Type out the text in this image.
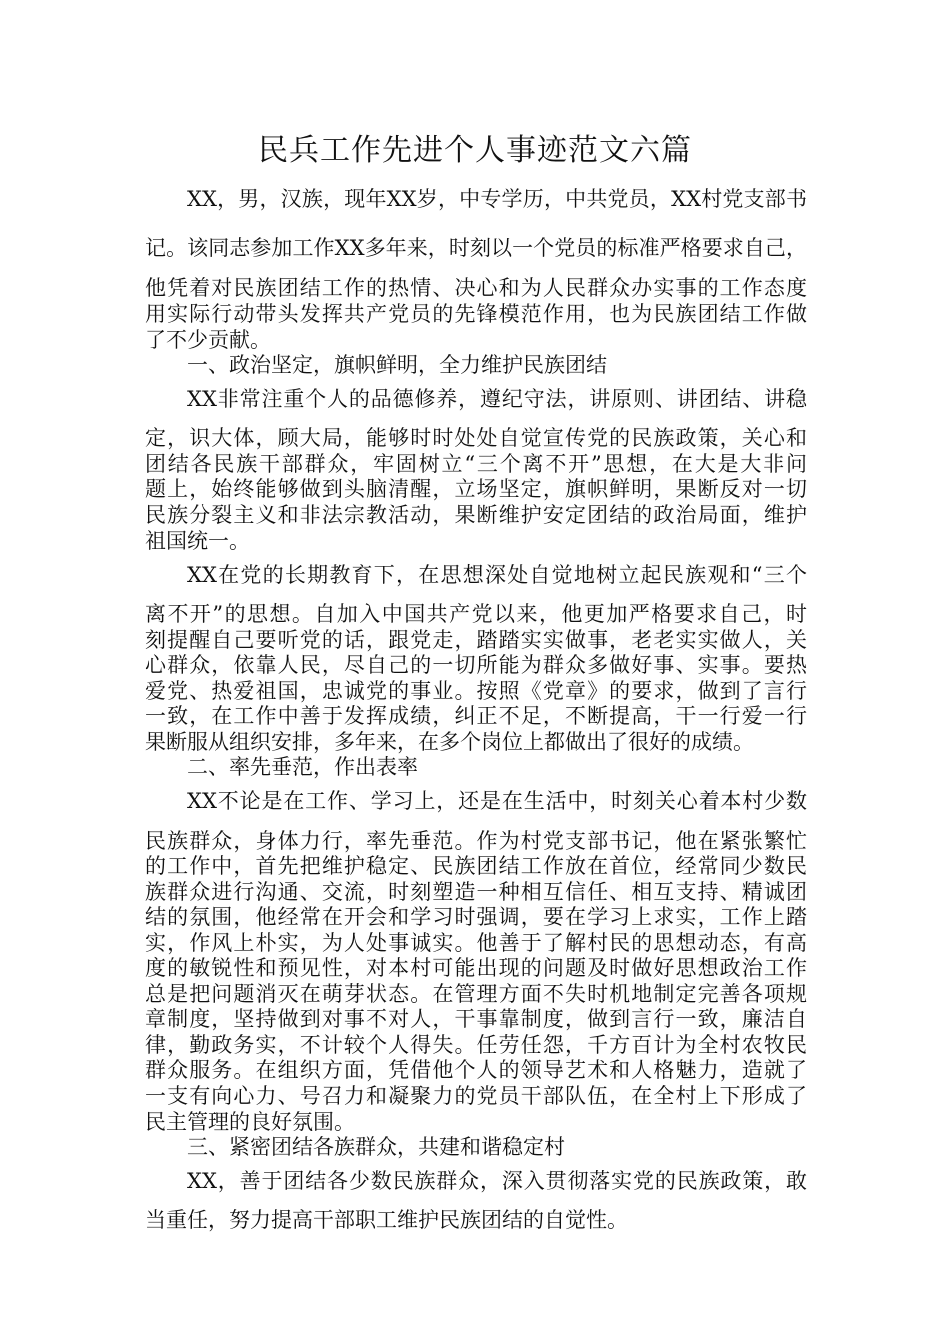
民兵工作先进个人事迹范文六篇
XX，男，汉族，现年XX岁，中专学历，中共党员，XX村党支部书
记。该同志参加工作XX多年来，时刻以一个党员的标准严格要求自己，
他凭着对民族团结工作的热情、决心和为人民群众办实事的工作态度
用实际行动带头发挥共产党员的先锋模范作用，也为民族团结工作做
了不少贡献。
一、政治坚定，旗帜鲜明，全力维护民族团结
XX非常注重个人的品德修养，遵纪守法，讲原则、讲团结、讲稳
定，识大体，顾大局，能够时时处处自觉宣传党的民族政策，关心和
团结各民族干部群众，牢固树立“三个离不开”思想，在大是大非问
题上，始终能够做到头脑清醒，立场坚定，旗帜鲜明，果断反对一切
民族分裂主义和非法宗教活动，果断维护安定团结的政治局面，维护
祖国统一。
XX在党的长期教育下，在思想深处自觉地树立起民族观和“三个
离不开”的思想。自加入中国共产党以来，他更加严格要求自己，时
刻提醒自己要听党的话，跟党走，踏踏实实做事，老老实实做人，关
心群众，依靠人民，尽自己的一切所能为群众多做好事、实事。要热
爱党、热爱祖国，忠诚党的事业。按照《党章》的要求，做到了言行
一致，在工作中善于发挥成绩，纠正不足，不断提高，干一行爱一行
果断服从组织安排，多年来，在多个岗位上都做出了很好的成绩。
二、率先垂范，作出表率
XX不论是在工作、学习上，还是在生活中，时刻关心着本村少数
民族群众，身体力行，率先垂范。作为村党支部书记，他在紧张繁忙
的工作中，首先把维护稳定、民族团结工作放在首位，经常同少数民
族群众进行沟通、交流，时刻塑造一种相互信任、相互支持、精诚团
结的氛围，他经常在开会和学习时强调，要在学习上求实，工作上踏
实，作风上朴实，为人处事诚实。他善于了解村民的思想动态，有高
度的敏锐性和预见性，对本村可能出现的问题及时做好思想政治工作
总是把问题消灭在萌芽状态。在管理方面不失时机地制定完善各项规
章制度，坚持做到对事不对人，干事靠制度，做到言行一致，廉洁自
律，勤政务实，不计较个人得失。任劳任怨，千方百计为全村农牧民
群众服务。在组织方面，凭借他个人的领导艺术和人格魅力，造就了
一支有向心力、号召力和凝聚力的党员干部队伍，在全村上下形成了
民主管理的良好氛围。
三、紧密团结各族群众，共建和谐稳定村
XX，善于团结各少数民族群众，深入贯彻落实党的民族政策，敢
当重任，努力提高干部职工维护民族团结的自觉性。
